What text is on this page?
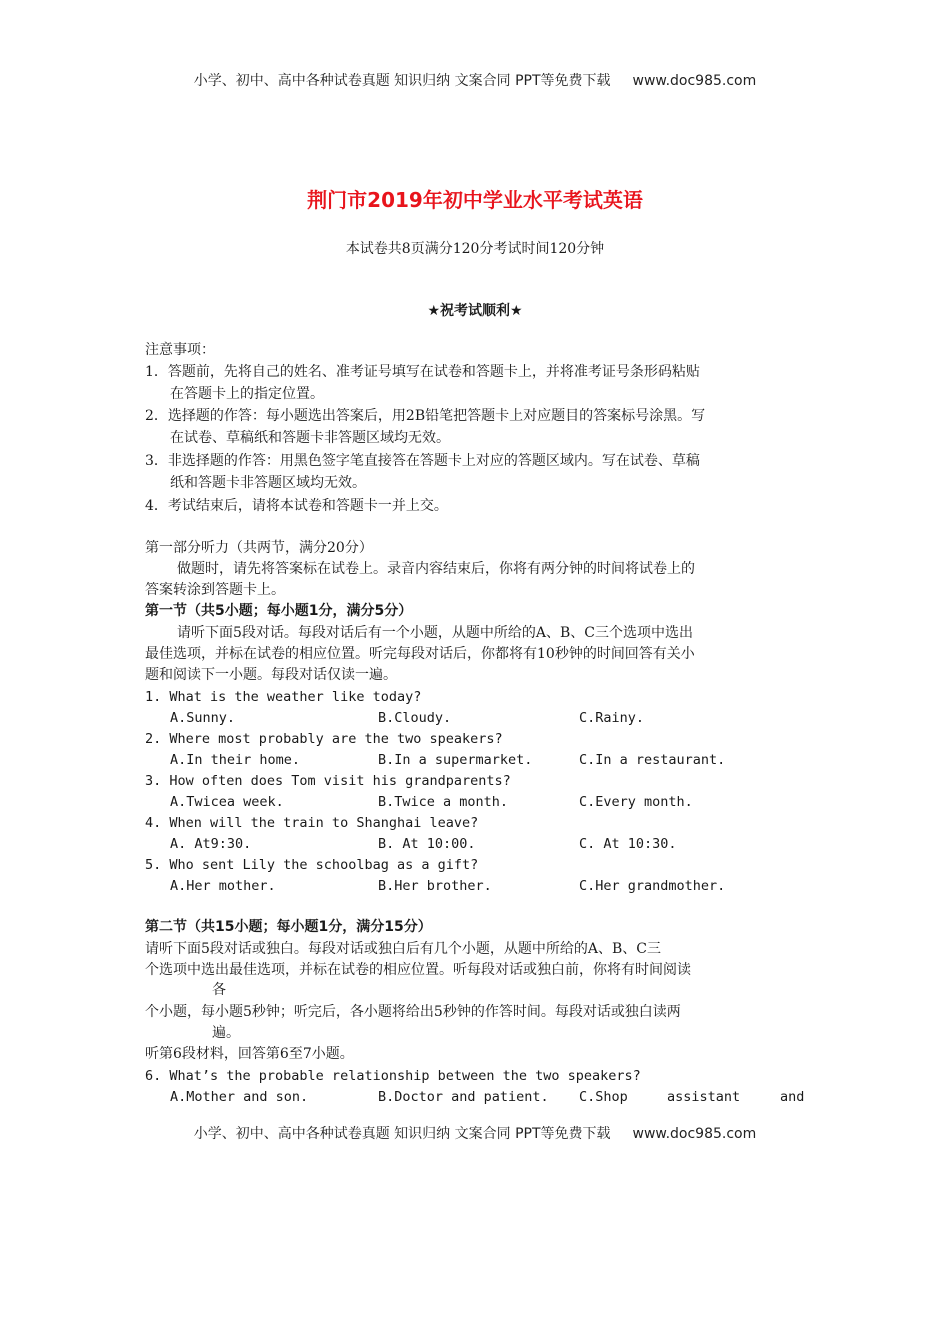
小学、初中、高中各种试卷真题 知识归纳 文案合同 PPT等免费下载 www.doc985.com
荆门市2019年初中学业水平考试英语
本试卷共8页满分120分考试时间120分钟
★祝考试顺利★
注意事项：
1．答题前，先将自己的姓名、准考证号填写在试卷和答题卡上，并将准考证号条形码粘贴
在答题卡上的指定位置。
2．选择题的作答：每小题选出答案后，用2B铅笔把答题卡上对应题目的答案标号涂黑。写
在试卷、草稿纸和答题卡非答题区域均无效。
3．非选择题的作答：用黑色签字笔直接答在答题卡上对应的答题区域内。写在试卷、草稿
纸和答题卡非答题区域均无效。
4．考试结束后，请将本试卷和答题卡一并上交。
第一部分听力（共两节，满分20分）
做题时，请先将答案标在试卷上。录音内容结束后，你将有两分钟的时间将试卷上的
答案转涂到答题卡上。
第一节（共5小题；每小题1分，满分5分）
请听下面5段对话。每段对话后有一个小题，从题中所给的A、B、C三个选项中选出
最佳选项，并标在试卷的相应位置。听完每段对话后，你都将有10秒钟的时间回答有关小
题和阅读下一小题。每段对话仅读一遍。
1. What is the weather like today?
A.Sunny.	B.Cloudy.	C.Rainy.
2. Where most probably are the two speakers?
A.In their home.	B.In a supermarket.	C.In a restaurant.
3. How often does Tom visit his grandparents?
A.Twicea week.	B.Twice a month.	C.Every month.
4. When will the train to Shanghai leave?
A. At9:30.	B. At 10:00.	C. At 10:30.
5. Who sent Lily the schoolbag as a gift?
A.Her mother.	B.Her brother.	C.Her grandmother.
第二节（共15小题；每小题1分，满分15分）
请听下面5段对话或独白。每段对话或独白后有几个小题，从题中所给的A、B、C三
个选项中选出最佳选项，并标在试卷的相应位置。听每段对话或独白前，你将有时间阅读
各
个小题，每小题5秒钟；听完后，各小题将给出5秒钟的作答时间。每段对话或独白读两
遍。
听第6段材料，回答第6至7小题。
6. What’s the probable relationship between the two speakers?
A.Mother and son.	B.Doctor and patient. C.Shop	assistant	and
小学、初中、高中各种试卷真题 知识归纳 文案合同 PPT等免费下载 www.doc985.com
